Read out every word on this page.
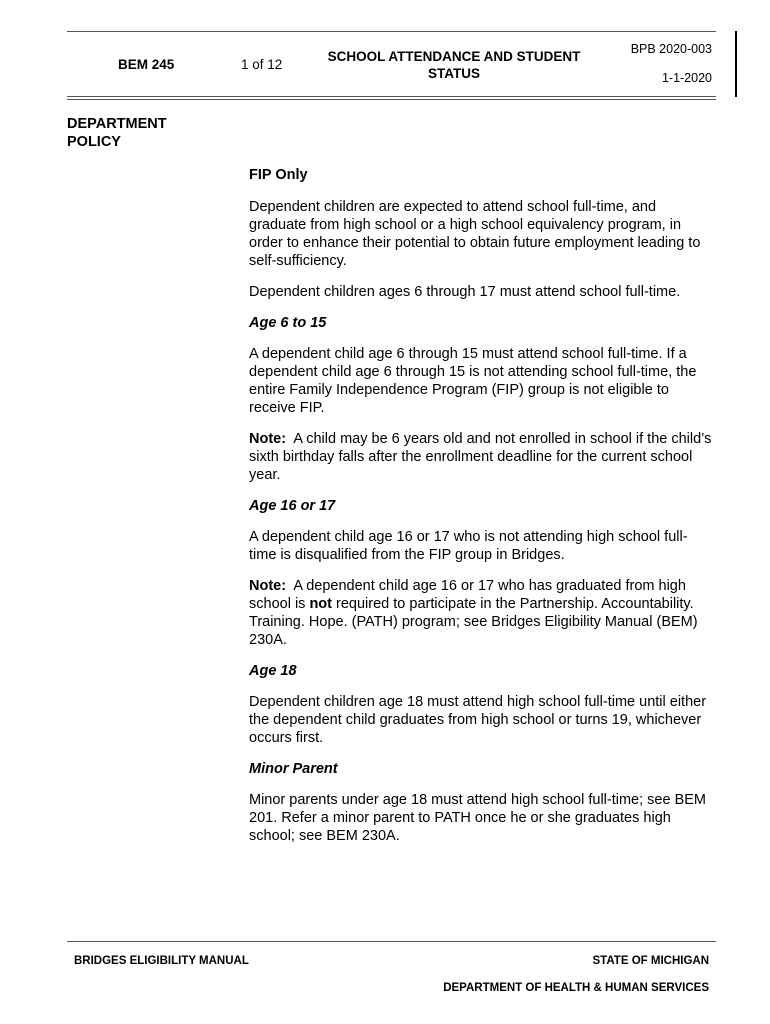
BEM 245	1 of 12
SCHOOL ATTENDANCE AND STUDENT STATUS
BPB 2020-003
1-1-2020
DEPARTMENT POLICY
FIP Only

Dependent children are expected to attend school full-time, and graduate from high school or a high school equivalency program, in order to enhance their potential to obtain future employment leading to self-sufficiency.

Dependent children ages 6 through 17 must attend school full-time.

Age 6 to 15

A dependent child age 6 through 15 must attend school full-time. If a dependent child age 6 through 15 is not attending school full-time, the entire Family Independence Program (FIP) group is not eligible to receive FIP.

Note: A child may be 6 years old and not enrolled in school if the child’s sixth birthday falls after the enrollment deadline for the current school year.

Age 16 or 17

A dependent child age 16 or 17 who is not attending high school full-time is disqualified from the FIP group in Bridges.

Note: A dependent child age 16 or 17 who has graduated from high school is not required to participate in the Partnership. Accountability. Training. Hope. (PATH) program; see Bridges Eligibility Manual (BEM) 230A.

Age 18

Dependent children age 18 must attend high school full-time until either the dependent child graduates from high school or turns 19, whichever occurs first.

Minor Parent

Minor parents under age 18 must attend high school full-time; see BEM 201. Refer a minor parent to PATH once he or she graduates high school; see BEM 230A.

BRIDGES ELIGIBILITY MANUAL	STATE OF MICHIGAN
DEPARTMENT OF HEALTH & HUMAN SERVICES
